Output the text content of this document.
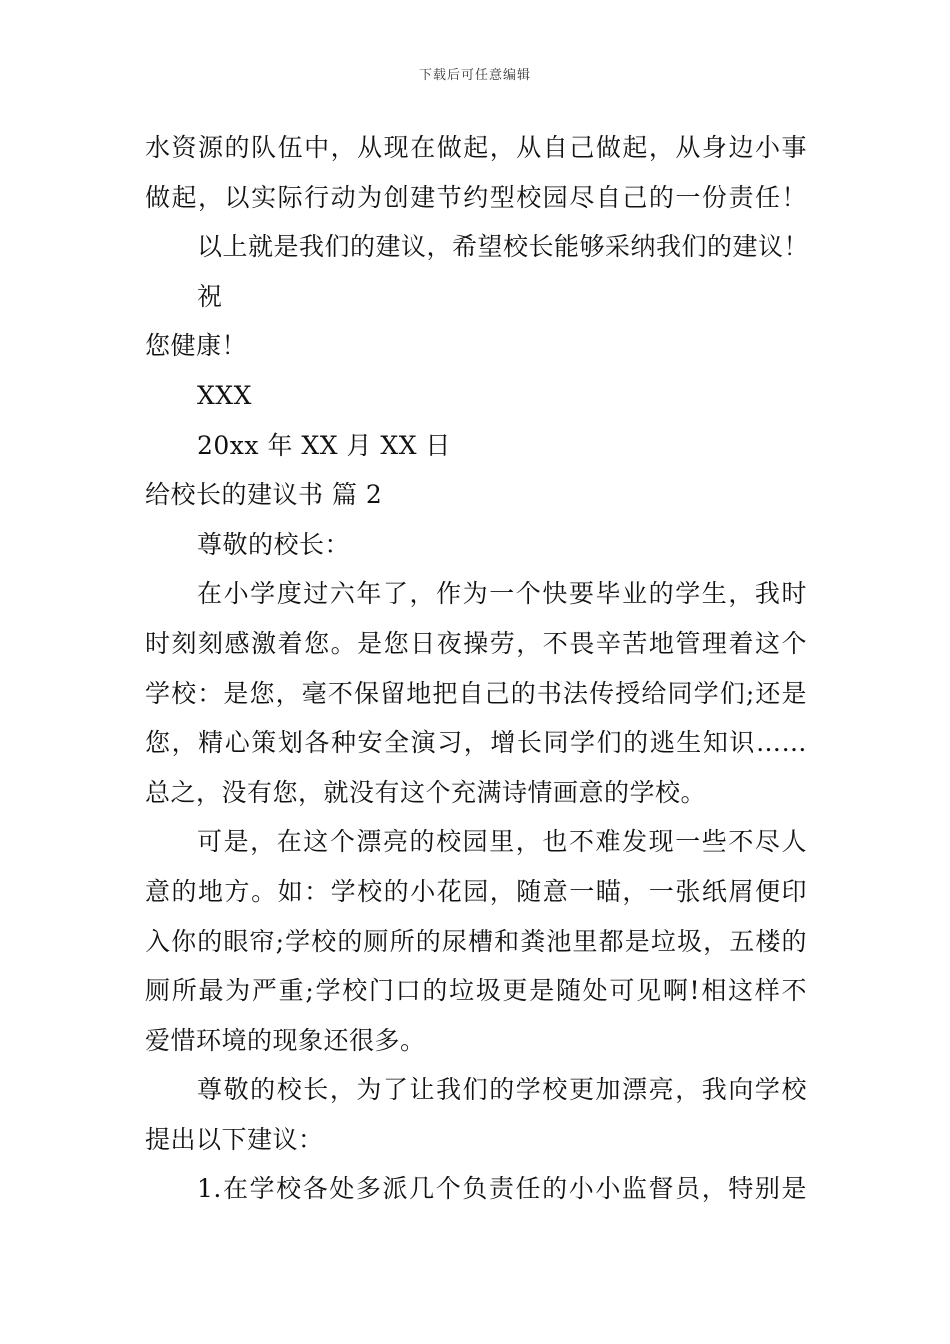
下载后可任意编辑
水资源的队伍中，从现在做起，从自己做起，从身边小事
做起，以实际行动为创建节约型校园尽自己的一份责任！
以上就是我们的建议，希望校长能够采纳我们的建议！
祝
您健康！
XXX
20xx 年 XX 月 XX 日
给校长的建议书 篇 2
尊敬的校长：
在小学度过六年了，作为一个快要毕业的学生，我时
时刻刻感激着您。是您日夜操劳，不畏辛苦地管理着这个
学校：是您，毫不保留地把自己的书法传授给同学们;还是
您，精心策划各种安全演习，增长同学们的逃生知识……
总之，没有您，就没有这个充满诗情画意的学校。
可是，在这个漂亮的校园里，也不难发现一些不尽人
意的地方。如：学校的小花园，随意一瞄，一张纸屑便印
入你的眼帘;学校的厕所的尿槽和粪池里都是垃圾，五楼的
厕所最为严重;学校门口的垃圾更是随处可见啊!相这样不
爱惜环境的现象还很多。
尊敬的校长，为了让我们的学校更加漂亮，我向学校
提出以下建议：
1.在学校各处多派几个负责任的小小监督员，特别是
